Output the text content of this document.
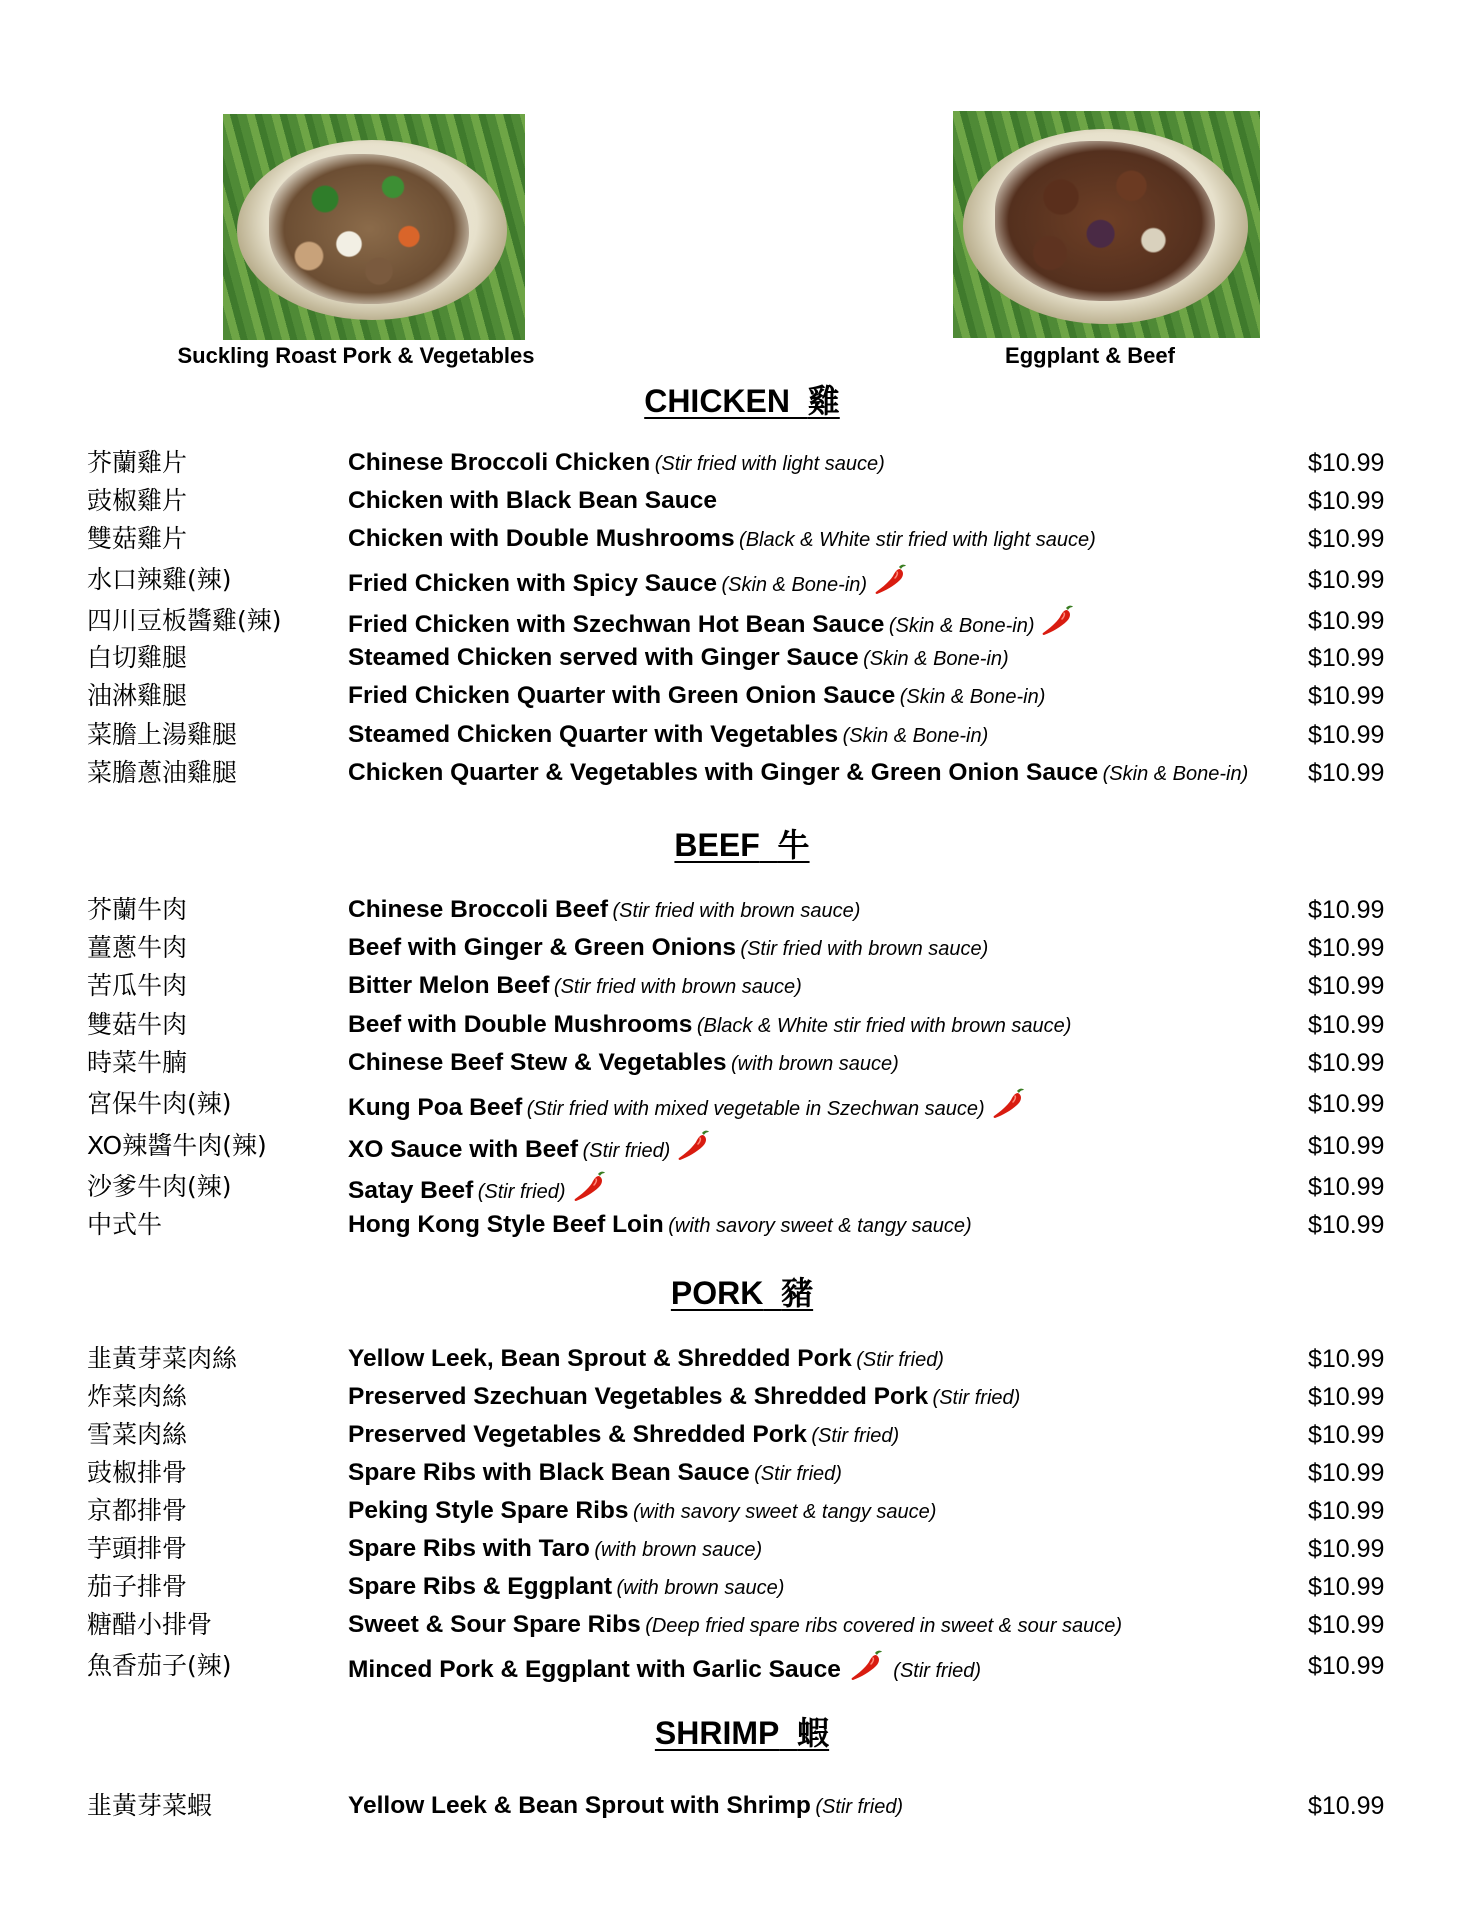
Suckling Roast Pork & Vegetables	Eggplant & Beef
CHICKEN 雞
BEEF 牛
PORK 豬
SHRIMP 蝦
芥蘭雞片	Chinese Broccoli Chicken (Stir fried with light sauce)	$10.99
豉椒雞片	Chicken with Black Bean Sauce	$10.99
雙菇雞片	Chicken with Double Mushrooms (Black & White stir fried with light sauce)	$10.99
水口辣雞(辣)	Fried Chicken with Spicy Sauce (Skin & Bone-in)	$10.99
四川豆板醬雞(辣)	Fried Chicken with Szechwan Hot Bean Sauce (Skin & Bone-in)	$10.99
白切雞腿	Steamed Chicken served with Ginger Sauce (Skin & Bone-in)	$10.99
油淋雞腿	Fried Chicken Quarter with Green Onion Sauce (Skin & Bone-in)	$10.99
菜膽上湯雞腿	Steamed Chicken Quarter with Vegetables (Skin & Bone-in)	$10.99
菜膽蔥油雞腿	Chicken Quarter & Vegetables with Ginger & Green Onion Sauce (Skin & Bone-in) $10.99
芥蘭牛肉	Chinese Broccoli Beef (Stir fried with brown sauce)	$10.99
薑蔥牛肉	Beef with Ginger & Green Onions (Stir fried with brown sauce)	$10.99
苦瓜牛肉	Bitter Melon Beef (Stir fried with brown sauce)	$10.99
雙菇牛肉	Beef with Double Mushrooms (Black & White stir fried with brown sauce)	$10.99
時菜牛腩	Chinese Beef Stew & Vegetables (with brown sauce)	$10.99
宮保牛肉(辣)	Kung Poa Beef (Stir fried with mixed vegetable in Szechwan sauce)	$10.99
XO辣醬牛肉(辣)	XO Sauce with Beef (Stir fried)	$10.99
沙爹牛肉(辣)	Satay Beef (Stir fried)	$10.99
中式牛	Hong Kong Style Beef Loin (with savory sweet & tangy sauce)	$10.99
韭黃芽菜肉絲	Yellow Leek, Bean Sprout & Shredded Pork (Stir fried)	$10.99
炸菜肉絲	Preserved Szechuan Vegetables & Shredded Pork (Stir fried)	$10.99
雪菜肉絲	Preserved Vegetables & Shredded Pork (Stir fried)	$10.99
豉椒排骨	Spare Ribs with Black Bean Sauce (Stir fried)	$10.99
京都排骨	Peking Style Spare Ribs (with savory sweet & tangy sauce)	$10.99
芋頭排骨	Spare Ribs with Taro (with brown sauce)	$10.99
茄子排骨	Spare Ribs & Eggplant (with brown sauce)	$10.99
糖醋小排骨	Sweet & Sour Spare Ribs (Deep fried spare ribs covered in sweet & sour sauce)	$10.99
魚香茄子(辣)	Minced Pork & Eggplant with Garlic Sauce	(Stir fried)	$10.99
韭黃芽菜蝦	Yellow Leek & Bean Sprout with Shrimp (Stir fried)	$10.99
